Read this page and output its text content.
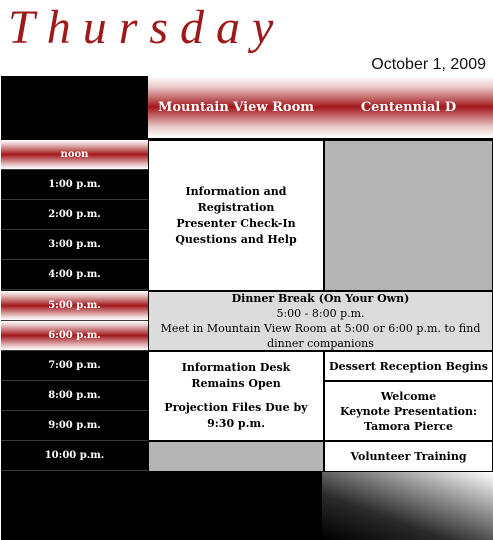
Thursday
October 1, 2009
Mountain View Room	Centennial D
noon
1:00 p.m.
2:00 p.m.
3:00 p.m.
4:00 p.m.
5:00 p.m.
6:00 p.m.
7:00 p.m.
8:00 p.m.
9:00 p.m.
10:00 p.m.
Information and Registration
Presenter Check-In
Questions and Help
Dinner Break (On Your Own)
5:00 - 8:00 p.m.
Meet in Mountain View Room at 5:00 or 6:00 p.m. to find dinner companions
Information Desk Remains Open
Projection Files Due by 9:30 p.m.
Dessert Reception Begins
Welcome
Keynote Presentation:
Tamora Pierce
Volunteer Training
